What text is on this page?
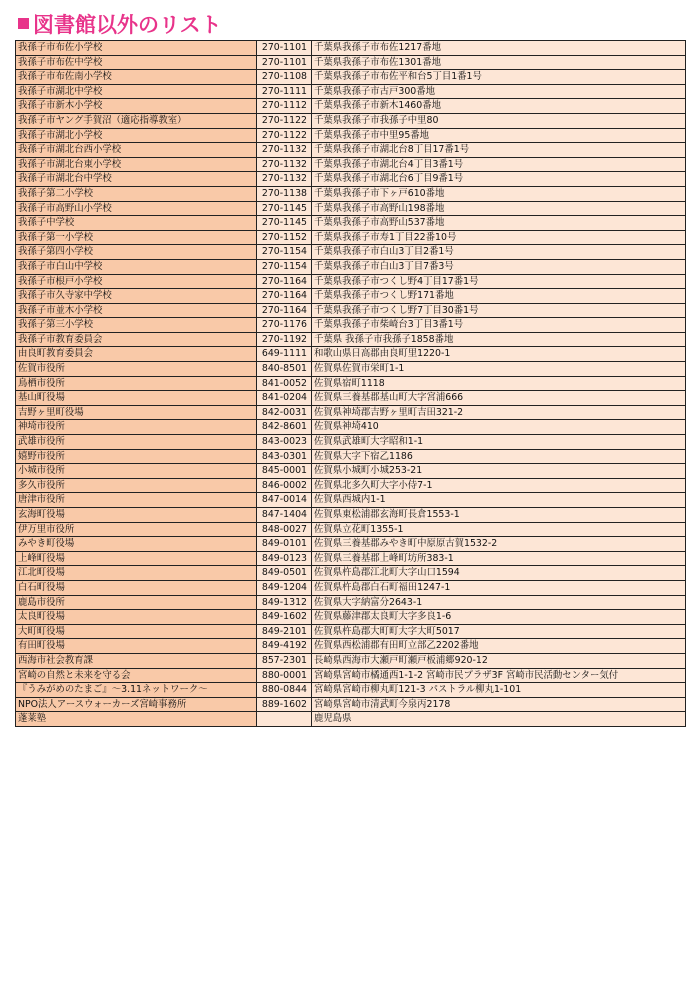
図書館以外のリスト
我孫子市布佐小学校	270-1101	千葉県我孫子市布佐1217番地
我孫子市布佐中学校	270-1101	千葉県我孫子市布佐1301番地
我孫子市布佐南小学校	270-1108	千葉県我孫子市布佐平和台5丁目1番1号
我孫子市湖北中学校	270-1111	千葉県我孫子市古戸300番地
我孫子市新木小学校	270-1112	千葉県我孫子市新木1460番地
我孫子市ヤング手賀沼（適応指導教室）	270-1122	千葉県我孫子市我孫子中里80
我孫子市湖北小学校	270-1122	千葉県我孫子市中里95番地
我孫子市湖北台西小学校	270-1132	千葉県我孫子市湖北台8丁目17番1号
我孫子市湖北台東小学校	270-1132	千葉県我孫子市湖北台4丁目3番1号
我孫子市湖北台中学校	270-1132	千葉県我孫子市湖北台6丁目9番1号
我孫子第二小学校	270-1138	千葉県我孫子市下ヶ戸610番地
我孫子市高野山小学校	270-1145	千葉県我孫子市高野山198番地
我孫子中学校	270-1145	千葉県我孫子市高野山537番地
我孫子第一小学校	270-1152	千葉県我孫子市寿1丁目22番10号
我孫子第四小学校	270-1154	千葉県我孫子市白山3丁目2番1号
我孫子市白山中学校	270-1154	千葉県我孫子市白山3丁目7番3号
我孫子市根戸小学校	270-1164	千葉県我孫子市つくし野4丁目17番1号
我孫子市久寺家中学校	270-1164	千葉県我孫子市つくし野171番地
我孫子市並木小学校	270-1164	千葉県我孫子市つくし野7丁目30番1号
我孫子第三小学校	270-1176	千葉県我孫子市柴崎台3丁目3番1号
我孫子市教育委員会	270-1192	千葉県 我孫子市我孫子1858番地
由良町教育委員会	649-1111	和歌山県日高郡由良町里1220-1
佐賀市役所	840-8501	佐賀県佐賀市栄町1-1
鳥栖市役所	841-0052	佐賀県宿町1118
基山町役場	841-0204	佐賀県三養基郡基山町大字宮浦666
吉野ヶ里町役場	842-0031	佐賀県神埼郡吉野ヶ里町吉田321-2
神埼市役所	842-8601	佐賀県神埼410
武雄市役所	843-0023	佐賀県武雄町大字昭和1-1
嬉野市役所	843-0301	佐賀県大字下宿乙1186
小城市役所	845-0001	佐賀県小城町小城253-21
多久市役所	846-0002	佐賀県北多久町大字小侍7-1
唐津市役所	847-0014	佐賀県西城内1-1
玄海町役場	847-1404	佐賀県東松浦郡玄海町長倉1553-1
伊万里市役所	848-0027	佐賀県立花町1355-1
みやき町役場	849-0101	佐賀県三養基郡みやき町中原原古賀1532-2
上峰町役場	849-0123	佐賀県三養基郡上峰町坊所383-1
江北町役場	849-0501	佐賀県杵島郡江北町大字山口1594
白石町役場	849-1204	佐賀県杵島郡白石町福田1247-1
鹿島市役所	849-1312	佐賀県大字納富分2643-1
太良町役場	849-1602	佐賀県藤津郡太良町大字多良1-6
大町町役場	849-2101	佐賀県杵島郡大町町大字大町5017
有田町役場	849-4192	佐賀県西松浦郡有田町立部乙2202番地
西海市社会教育課	857-2301	長崎県西海市大瀬戸町瀬戸板浦郷920-12
宮崎の自然と未来を守る会	880-0001	宮崎県宮崎市橘通西1-1-2 宮崎市民プラザ3F 宮崎市民活動センター気付
『うみがめのたまご』～3.11ネットワーク～	880-0844	宮崎県宮崎市柳丸町121-3 パストラル柳丸1-101
NPO法人アースウォーカーズ宮崎事務所	889-1602	宮崎県宮崎市清武町今泉丙2178
蓬莱塾		鹿児島県
